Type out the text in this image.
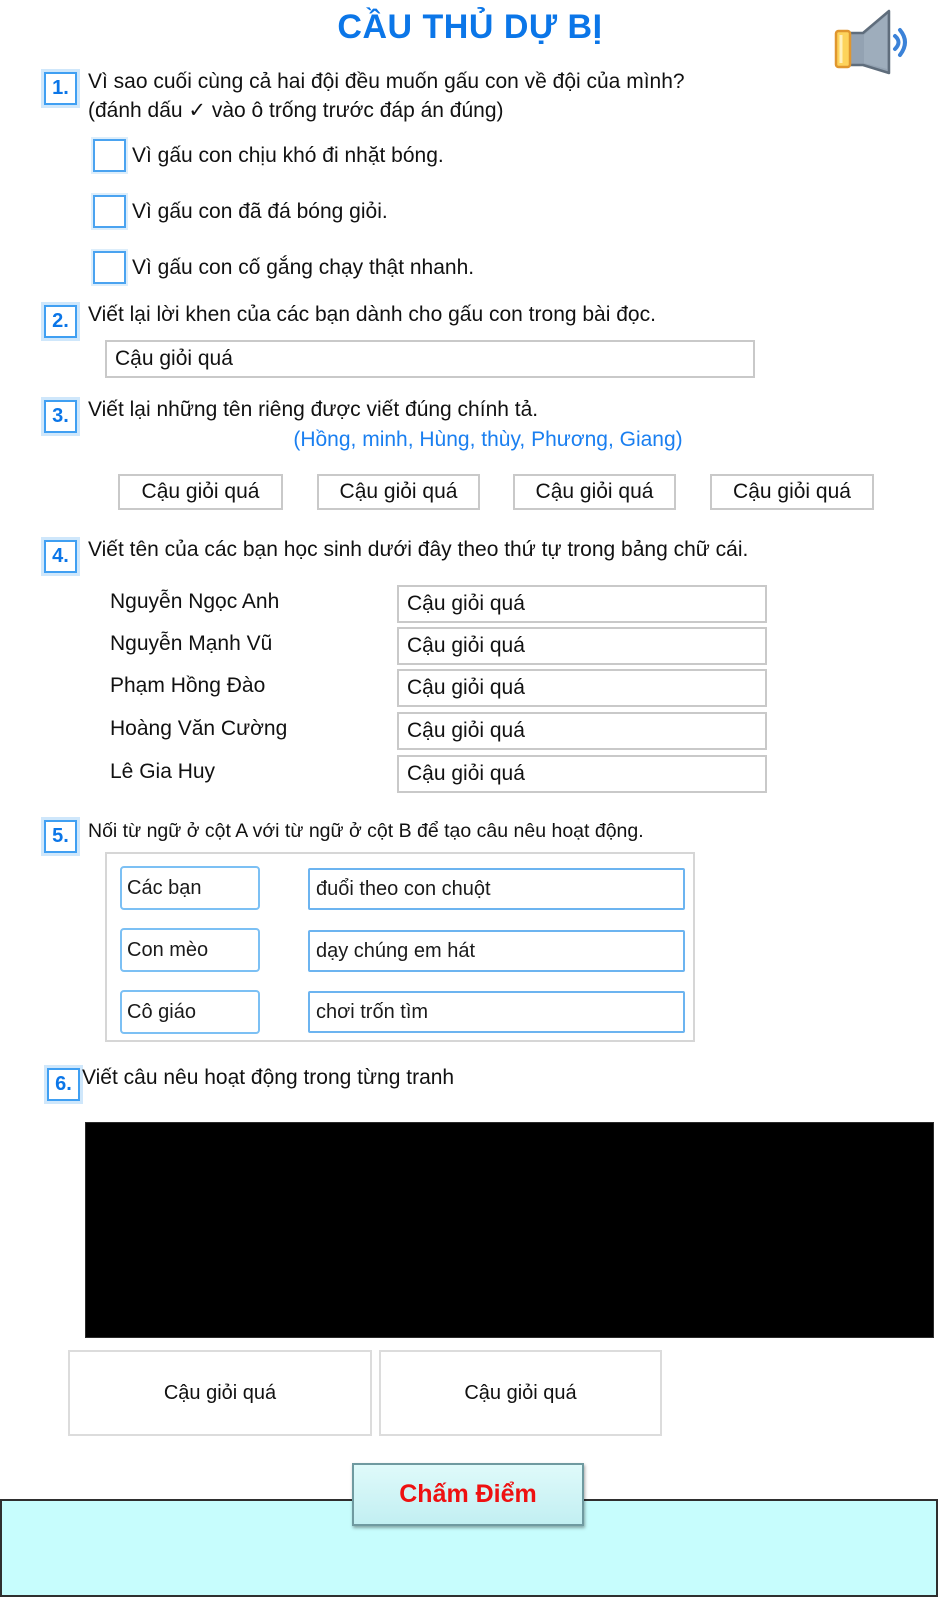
CẦU THỦ DỰ BỊ
1. Vì sao cuối cùng cả hai đội đều muốn gấu con về đội của mình?
(đánh dấu ✓ vào ô trống trước đáp án đúng)
Vì gấu con chịu khó đi nhặt bóng.
Vì gấu con đã đá bóng giỏi.
Vì gấu con cố gắng chạy thật nhanh.
2. Viết lại lời khen của các bạn dành cho gấu con trong bài đọc.
Cậu giỏi quá
3. Viết lại những tên riêng được viết đúng chính tả.
(Hồng, minh, Hùng, thùy, Phương, Giang)
Cậu giỏi quá	Cậu giỏi quá	Cậu giỏi quá	Cậu giỏi quá
4. Viết tên của các bạn học sinh dưới đây theo thứ tự trong bảng chữ cái.
Nguyễn Ngọc Anh	Cậu giỏi quá
Nguyễn Mạnh Vũ	Cậu giỏi quá
Phạm Hồng Đào	Cậu giỏi quá
Hoàng Văn Cường	Cậu giỏi quá
Lê Gia Huy	Cậu giỏi quá
5. Nối từ ngữ ở cột A với từ ngữ ở cột B để tạo câu nêu hoạt động.
Các bạn	đuổi theo con chuột
Con mèo	dạy chúng em hát
Cô giáo	chơi trốn tìm
6. Viết câu nêu hoạt động trong từng tranh
Cậu giỏi quá	Cậu giỏi quá
Chấm Điểm
